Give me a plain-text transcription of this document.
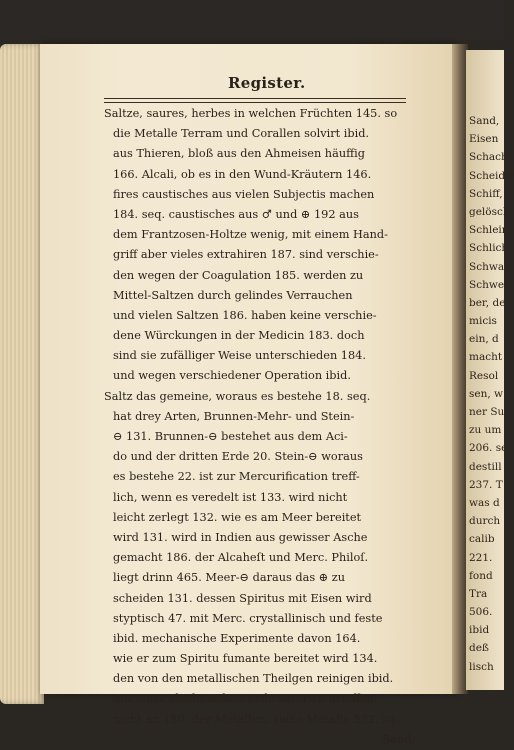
Sand,
Eisen
Schacht
Scheidw
Schiff,
gelösch
Schleim
Schlich
Schwad
Schwef
ber, de
micis
ein, d
macht
Resol
sen, w
ner Su
zu um
206. se
destill
237. T
was d
durch
calib
221.
fond
Tra
506.
ibid
deß
lisch
Register.
Saltze, saures, herbes in welchen Früchten 145. so
die Metalle Terram und Corallen solvirt ibid.
aus Thieren, bloß aus den Ahmeisen häuffig
166. Alcali, ob es in den Wund-Kräutern 146.
fires caustisches aus vielen Subjectis machen
184. seq. caustisches aus ♂ und ⊕ 192 aus
dem Frantzosen-Holtze wenig, mit einem Hand-
griff aber vieles extrahiren 187. sind verschie-
den wegen der Coagulation 185. werden zu
Mittel-Saltzen durch gelindes Verrauchen
und vielen Saltzen 186. haben keine verschie-
dene Würckungen in der Medicin 183. doch
sind sie zufälliger Weise unterschieden 184.
und wegen verschiedener Operation ibid.
Saltz das gemeine, woraus es bestehe 18. seq.
hat drey Arten, Brunnen-Mehr- und Stein-
⊖ 131. Brunnen-⊖ bestehet aus dem Aci-
do und der dritten Erde 20. Stein-⊖ woraus
es bestehe 22. ist zur Mercurification treff-
lich, wenn es veredelt ist 133. wird nicht
leicht zerlegt 132. wie es am Meer bereitet
wird 131. wird in Indien aus gewisser Asche
gemacht 186. der Alcaheſt und Merc. Philoſ.
liegt drinn 465. Meer-⊖ daraus das ⊕ zu
scheiden 131. dessen Spiritus mit Eisen wird
styptisch 47. mit Merc. crystallinisch und feste
ibid. mechanische Experimente davon 164.
wie er zum Spiritu fumante bereitet wird 134.
den von den metallischen Theilgen reinigen ibid.
mit einer alcalinischen Erde saturirt, greiffen
nicht an 180. der Metallen, siehe Metalle 532. sq.
Sand,
